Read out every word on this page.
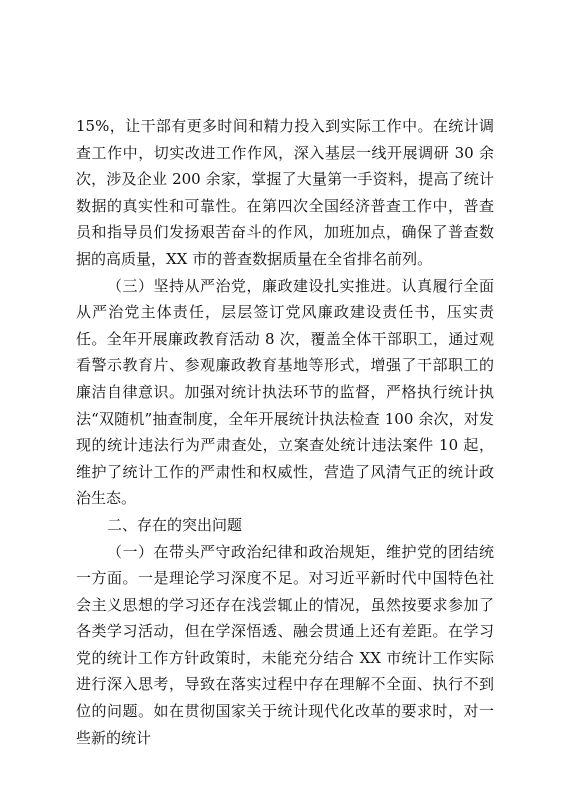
15%，让干部有更多时间和精力投入到实际工作中。在统计调查工作中，切实改进工作作风，深入基层一线开展调研 30 余次，涉及企业 200 余家，掌握了大量第一手资料，提高了统计数据的真实性和可靠性。在第四次全国经济普查工作中，普查员和指导员们发扬艰苦奋斗的作风，加班加点，确保了普查数据的高质量，XX 市的普查数据质量在全省排名前列。

（三）坚持从严治党，廉政建设扎实推进。认真履行全面从严治党主体责任，层层签订党风廉政建设责任书，压实责任。全年开展廉政教育活动 8 次，覆盖全体干部职工，通过观看警示教育片、参观廉政教育基地等形式，增强了干部职工的廉洁自律意识。加强对统计执法环节的监督，严格执行统计执法“双随机”抽查制度，全年开展统计执法检查 100 余次，对发现的统计违法行为严肃查处，立案查处统计违法案件 10 起，维护了统计工作的严肃性和权威性，营造了风清气正的统计政治生态。

二、存在的突出问题

（一）在带头严守政治纪律和政治规矩，维护党的团结统一方面。一是理论学习深度不足。对习近平新时代中国特色社会主义思想的学习还存在浅尝辄止的情况，虽然按要求参加了各类学习活动，但在学深悟透、融会贯通上还有差距。在学习党的统计工作方针政策时，未能充分结合 XX 市统计工作实际进行深入思考，导致在落实过程中存在理解不全面、执行不到位的问题。如在贯彻国家关于统计现代化改革的要求时，对一些新的统计
